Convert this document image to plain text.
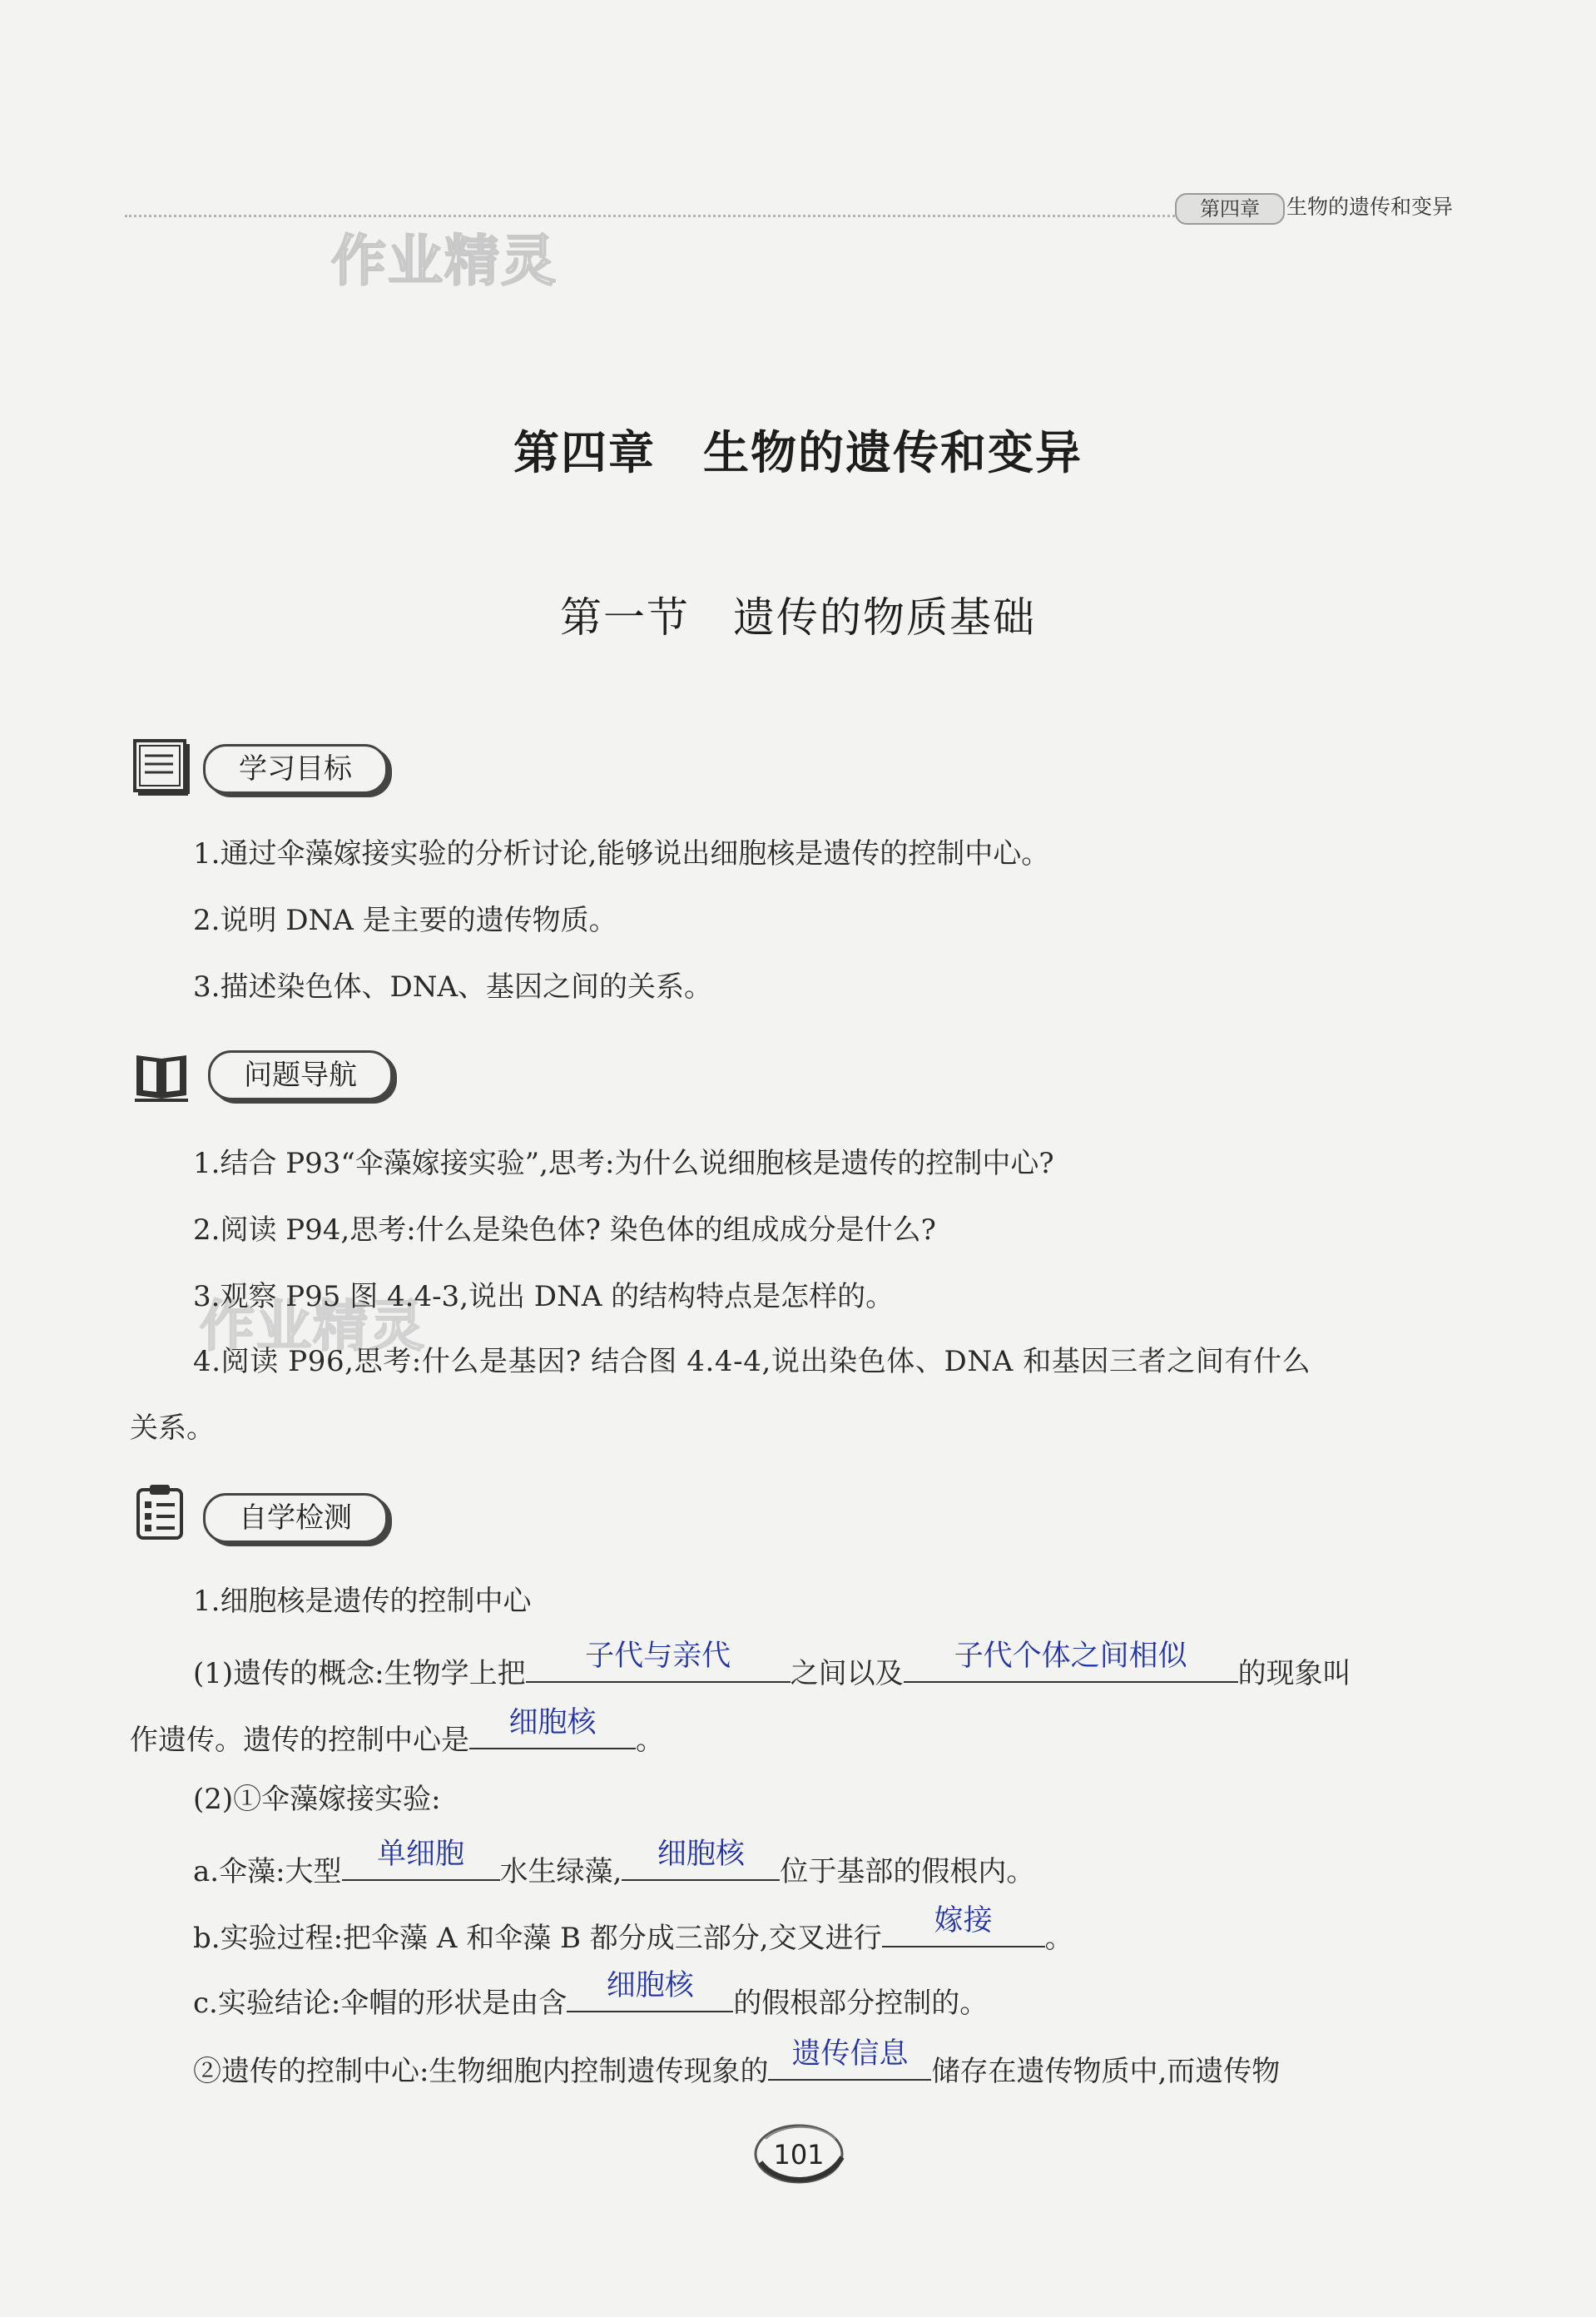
作业精灵
作业精灵
第四章	生物的遗传和变异
第四章　生物的遗传和变异
第一节　遗传的物质基础
学习目标
1.通过伞藻嫁接实验的分析讨论,能够说出细胞核是遗传的控制中心。
2.说明 DNA 是主要的遗传物质。
3.描述染色体、DNA、基因之间的关系。
问题导航
1.结合 P93“伞藻嫁接实验”,思考:为什么说细胞核是遗传的控制中心?
2.阅读 P94,思考:什么是染色体? 染色体的组成成分是什么?
3.观察 P95 图 4.4-3,说出 DNA 的结构特点是怎样的。
4.阅读 P96,思考:什么是基因? 结合图 4.4-4,说出染色体、DNA 和基因三者之间有什么
关系。
自学检测
1.细胞核是遗传的控制中心
(1)遗传的概念:生物学上把
子代与亲代
之间以及
子代个体之间相似
的现象叫
作遗传。遗传的控制中心是
细胞核
。
(2)①伞藻嫁接实验:
a.伞藻:大型
单细胞
水生绿藻,
细胞核
位于基部的假根内。
b.实验过程:把伞藻 A 和伞藻 B 都分成三部分,交叉进行
嫁接
。
c.实验结论:伞帽的形状是由含
细胞核
的假根部分控制的。
②遗传的控制中心:生物细胞内控制遗传现象的
遗传信息
储存在遗传物质中,而遗传物
101
